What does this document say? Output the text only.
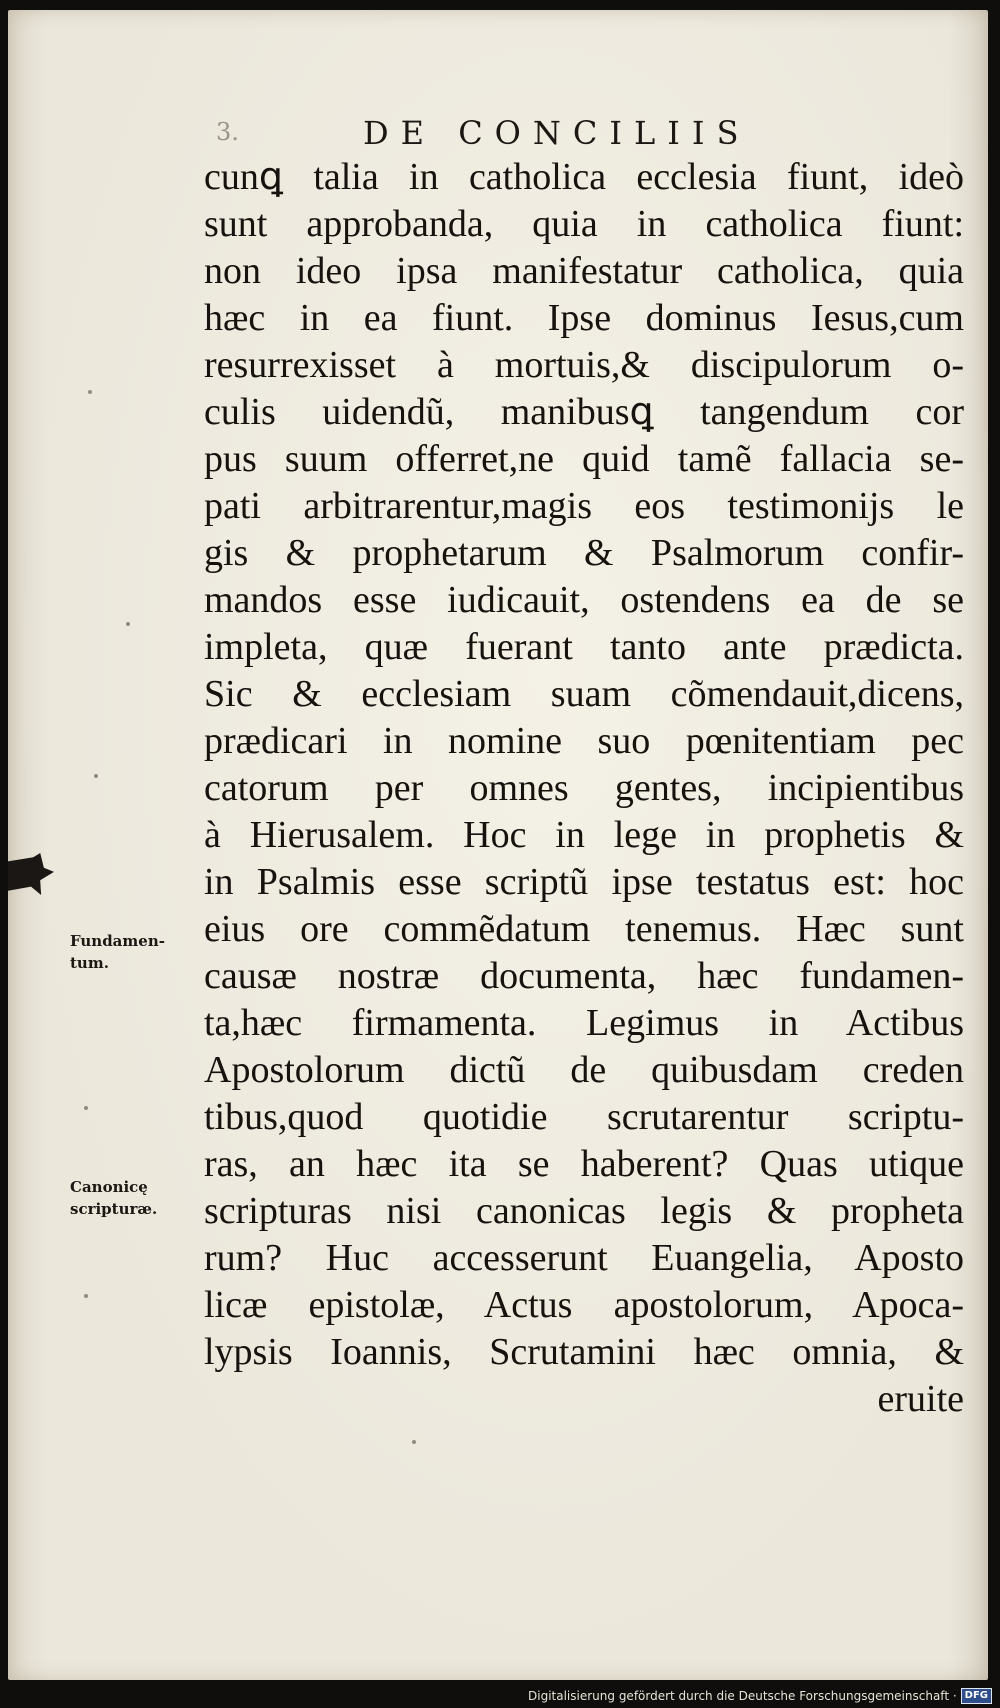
3.	DE CONCILIIS
cunꝗ talia in catholica ecclesia fiunt, ideò
sunt approbanda, quia in catholica fiunt:
non ideo ipsa manifestatur catholica, quia
hæc in ea fiunt. Ipse dominus Iesus,cum
resurrexisset à mortuis,& discipulorum o-
culis uidendũ, manibusꝗ tangendum cor
pus suum offerret,ne quid tamẽ fallacia se-
pati arbitrarentur,magis eos testimonijs le
gis & prophetarum & Psalmorum confir-
mandos esse iudicauit, ostendens ea de se
impleta, quæ fuerant tanto ante prædicta.
Sic & ecclesiam suam cõmendauit,dicens,
prædicari in nomine suo pœnitentiam pec
catorum per omnes gentes, incipientibus
à Hierusalem. Hoc in lege in prophetis &
in Psalmis esse scriptũ ipse testatus est: hoc
eius ore commẽdatum tenemus. Hæc sunt
causæ nostræ documenta, hæc fundamen-
ta,hæc firmamenta. Legimus in Actibus
Apostolorum dictũ de quibusdam creden
tibus,quod quotidie scrutarentur scriptu-
ras, an hæc ita se haberent? Quas utique
scripturas nisi canonicas legis & propheta
rum? Huc accesserunt Euangelia, Aposto
licæ epistolæ, Actus apostolorum, Apoca-
lypsis Ioannis, Scrutamini hæc omnia, &
eruite
Fundamen-
tum.
Canonicę
scripturæ.
Digitalisierung gefördert durch die Deutsche Forschungsgemeinschaft · DFG
